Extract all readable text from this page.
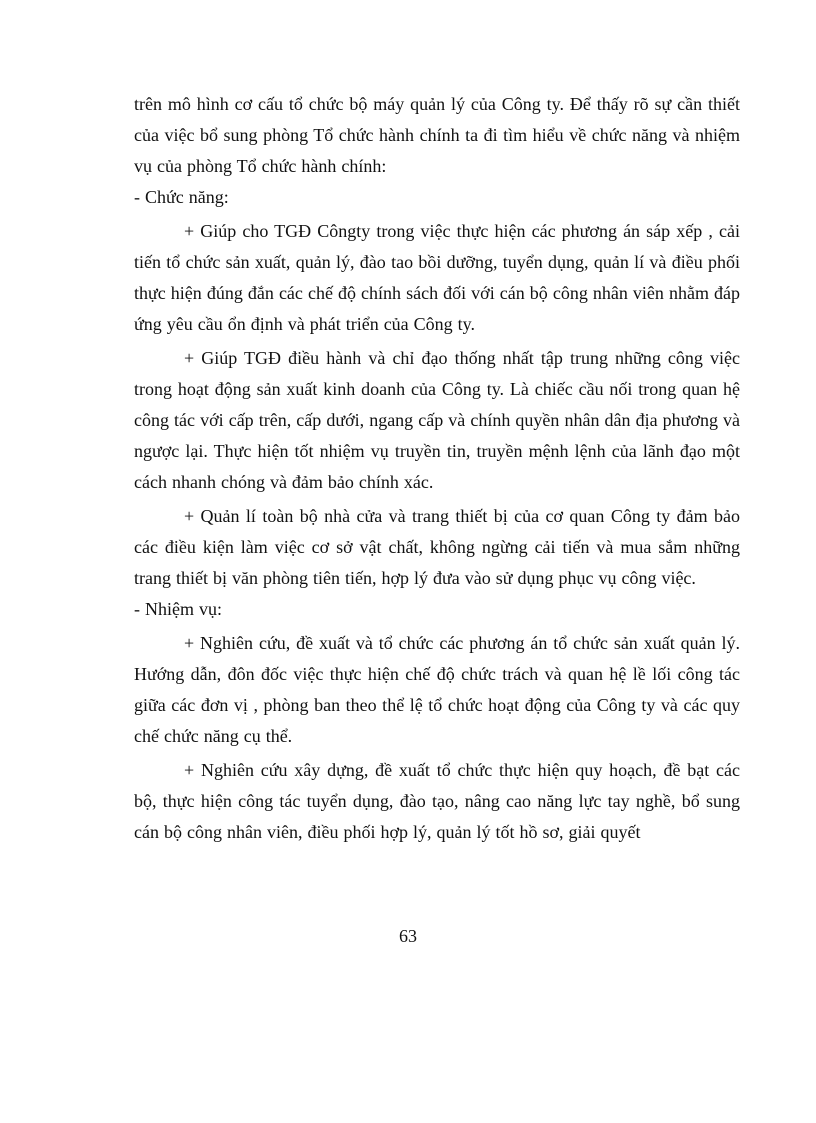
trên mô hình cơ cấu tổ chức bộ máy quản lý của Công ty. Để thấy rõ sự cần thiết của việc bổ sung phòng Tổ chức hành chính ta đi tìm hiểu về chức năng và nhiệm vụ của phòng Tổ chức hành chính:

- Chức năng:

+ Giúp cho TGĐ Côngty trong việc thực hiện các phương án sáp xếp , cải tiến tổ chức sản xuất, quản lý, đào tao bồi dưỡng, tuyển dụng, quản lí và điều phối thực hiện đúng đắn các chế độ chính sách đối với cán bộ công nhân viên nhằm đáp ứng yêu cầu ổn định và phát triển của Công ty.

+ Giúp TGĐ điều hành và chỉ đạo thống nhất tập trung những công việc trong hoạt động sản xuất kinh doanh của Công ty. Là chiếc cầu nối trong quan hệ công tác với cấp trên, cấp dưới, ngang cấp và chính quyền nhân dân địa phương và ngược lại. Thực hiện tốt nhiệm vụ truyền tin, truyền mệnh lệnh của lãnh đạo một cách nhanh chóng và đảm bảo chính xác.

+ Quản lí toàn bộ nhà cửa và trang thiết bị của cơ quan Công ty đảm bảo các điều kiện làm việc cơ sở vật chất, không ngừng cải tiến và mua sắm những trang thiết bị văn phòng tiên tiến, hợp lý đưa vào sử dụng phục vụ công việc.

- Nhiệm vụ:

+ Nghiên cứu, đề xuất và tổ chức các phương án tổ chức sản xuất quản lý. Hướng dẫn, đôn đốc việc thực hiện chế độ chức trách và quan hệ lề lối công tác giữa các đơn vị , phòng ban theo thể lệ tổ chức hoạt động của Công ty và các quy chế chức năng cụ thể.

+ Nghiên cứu xây dựng, đề xuất tổ chức thực hiện quy hoạch, đề bạt các bộ, thực hiện công tác tuyển dụng, đào tạo, nâng cao năng lực tay nghề, bổ sung cán bộ công nhân viên, điều phối hợp lý, quản lý tốt hồ sơ, giải quyết

63
